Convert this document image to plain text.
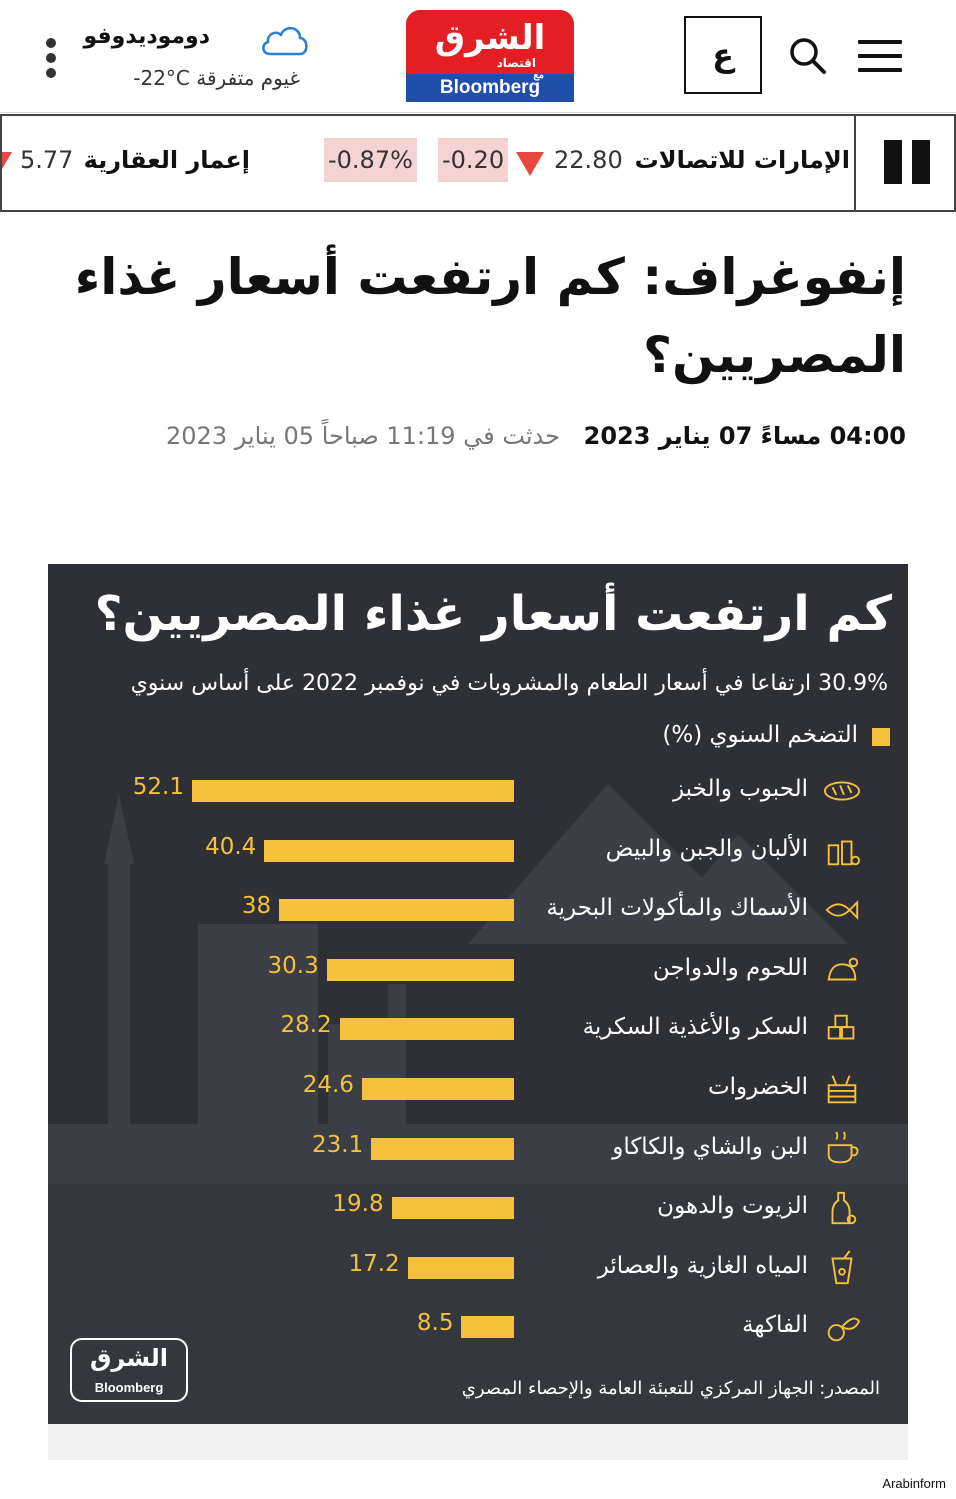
ع
الشرق
اقتصاد
مع
Bloomberg
دوموديدوفو
غيوم متفرقة -22°C
الإمارات للاتصالات
22.80
-0.20
-0.87%
إعمار العقارية
5.77
إنفوغراف: كم ارتفعت أسعار غذاء المصريين؟
04:00 مساءً 07 يناير 2023
حدثت في 11:19 صباحاً 05 يناير 2023
كم ارتفعت أسعار غذاء المصريين؟
30.9% ارتفاعا في أسعار الطعام والمشروبات في نوفمبر 2022 على أساس سنوي
التضخم السنوي (%)
52.1	الحبوب والخبز
40.4	الألبان والجبن والبيض
38	الأسماك والمأكولات البحرية
30.3	اللحوم والدواجن
28.2	السكر والأغذية السكرية
24.6	الخضروات
23.1	البن والشاي والكاكاو
19.8	الزيوت والدهون
17.2	المياه الغازية والعصائر
8.5	الفاكهة
الشرق
Bloomberg	المصدر: الجهاز المركزي للتعبئة العامة والإحصاء المصري
Arabinform
